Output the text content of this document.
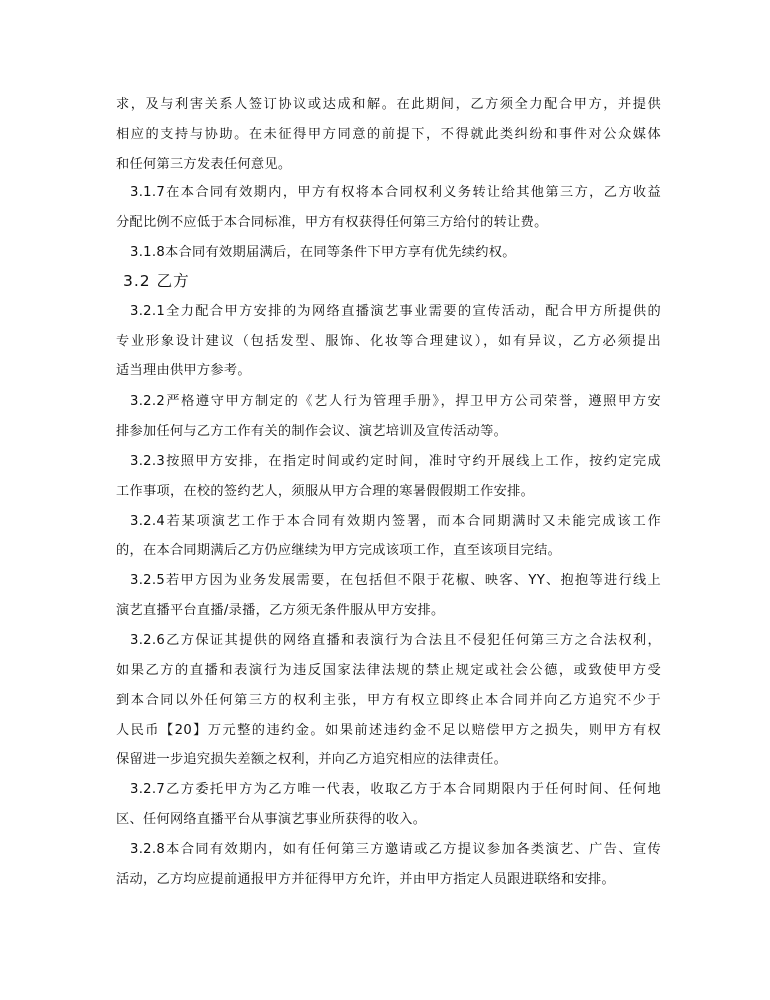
求，及与利害关系人签订协议或达成和解。在此期间，乙方须全力配合甲方，并提供
相应的支持与协助。在未征得甲方同意的前提下，不得就此类纠纷和事件对公众媒体
和任何第三方发表任何意见。
3.1.7在本合同有效期内，甲方有权将本合同权利义务转让给其他第三方，乙方收益
分配比例不应低于本合同标准，甲方有权获得任何第三方给付的转让费。
3.1.8本合同有效期届满后，在同等条件下甲方享有优先续约权。
3.2 乙方
3.2.1全力配合甲方安排的为网络直播演艺事业需要的宣传活动，配合甲方所提供的
专业形象设计建议（包括发型、服饰、化妆等合理建议），如有异议，乙方必须提出
适当理由供甲方参考。
3.2.2严格遵守甲方制定的《艺人行为管理手册》，捍卫甲方公司荣誉，遵照甲方安
排参加任何与乙方工作有关的制作会议、演艺培训及宣传活动等。
3.2.3按照甲方安排，在指定时间或约定时间，准时守约开展线上工作，按约定完成
工作事项，在校的签约艺人，须服从甲方合理的寒暑假假期工作安排。
3.2.4若某项演艺工作于本合同有效期内签署，而本合同期满时又未能完成该工作
的，在本合同期满后乙方仍应继续为甲方完成该项工作，直至该项目完结。
3.2.5若甲方因为业务发展需要，在包括但不限于花椒、映客、YY、抱抱等进行线上
演艺直播平台直播/录播，乙方须无条件服从甲方安排。
3.2.6乙方保证其提供的网络直播和表演行为合法且不侵犯任何第三方之合法权利，
如果乙方的直播和表演行为违反国家法律法规的禁止规定或社会公德，或致使甲方受
到本合同以外任何第三方的权利主张，甲方有权立即终止本合同并向乙方追究不少于
人民币【20】万元整的违约金。如果前述违约金不足以赔偿甲方之损失，则甲方有权
保留进一步追究损失差额之权利，并向乙方追究相应的法律责任。
3.2.7乙方委托甲方为乙方唯一代表，收取乙方于本合同期限内于任何时间、任何地
区、任何网络直播平台从事演艺事业所获得的收入。
3.2.8本合同有效期内，如有任何第三方邀请或乙方提议参加各类演艺、广告、宣传
活动，乙方均应提前通报甲方并征得甲方允许，并由甲方指定人员跟进联络和安排。
